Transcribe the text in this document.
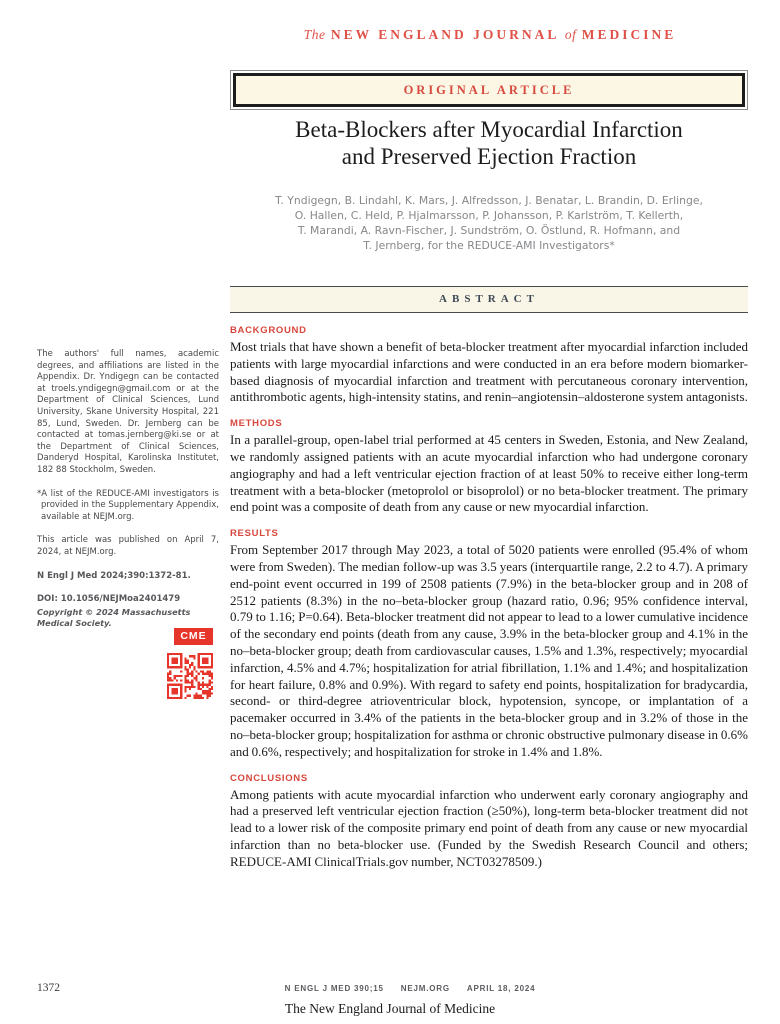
The NEW ENGLAND JOURNAL of MEDICINE
ORIGINAL ARTICLE
Beta-Blockers after Myocardial Infarction
and Preserved Ejection Fraction
T. Yndigegn, B. Lindahl, K. Mars, J. Alfredsson, J. Benatar, L. Brandin, D. Erlinge,
O. Hallen, C. Held, P. Hjalmarsson, P. Johansson, P. Karlström, T. Kellerth,
T. Marandi, A. Ravn-Fischer, J. Sundström, O. Östlund, R. Hofmann, and
T. Jernberg, for the REDUCE-AMI Investigators*
ABSTRACT
BACKGROUND

Most trials that have shown a benefit of beta-blocker treatment after myocardial infarction included patients with large myocardial infarctions and were conducted in an era before modern biomarker-based diagnosis of myocardial infarction and treatment with percutaneous coronary intervention, antithrombotic agents, high-intensity statins, and renin–angiotensin–aldosterone system antagonists.

METHODS

In a parallel-group, open-label trial performed at 45 centers in Sweden, Estonia, and New Zealand, we randomly assigned patients with an acute myocardial infarction who had undergone coronary angiography and had a left ventricular ejection fraction of at least 50% to receive either long-term treatment with a beta-blocker (metoprolol or bisoprolol) or no beta-blocker treatment. The primary end point was a composite of death from any cause or new myocardial infarction.

RESULTS

From September 2017 through May 2023, a total of 5020 patients were enrolled (95.4% of whom were from Sweden). The median follow-up was 3.5 years (interquartile range, 2.2 to 4.7). A primary end-point event occurred in 199 of 2508 patients (7.9%) in the beta-blocker group and in 208 of 2512 patients (8.3%) in the no–beta-blocker group (hazard ratio, 0.96; 95% confidence interval, 0.79 to 1.16; P=0.64). Beta-blocker treatment did not appear to lead to a lower cumulative incidence of the secondary end points (death from any cause, 3.9% in the beta-blocker group and 4.1% in the no–beta-blocker group; death from cardiovascular causes, 1.5% and 1.3%, respectively; myocardial infarction, 4.5% and 4.7%; hospitalization for atrial fibrillation, 1.1% and 1.4%; and hospitalization for heart failure, 0.8% and 0.9%). With regard to safety end points, hospitalization for bradycardia, second- or third-degree atrioventricular block, hypotension, syncope, or implantation of a pacemaker occurred in 3.4% of the patients in the beta-blocker group and in 3.2% of those in the no–beta-blocker group; hospitalization for asthma or chronic obstructive pulmonary disease in 0.6% and 0.6%, respectively; and hospitalization for stroke in 1.4% and 1.8%.

CONCLUSIONS

Among patients with acute myocardial infarction who underwent early coronary angiography and had a preserved left ventricular ejection fraction (≥50%), long-term beta-blocker treatment did not lead to a lower risk of the composite primary end point of death from any cause or new myocardial infarction than no beta-blocker use. (Funded by the Swedish Research Council and others; REDUCE-AMI ClinicalTrials.gov number, NCT03278509.)

The authors' full names, academic degrees, and affiliations are listed in the Appendix. Dr. Yndigegn can be contacted at troels.yndigegn@gmail.com or at the Department of Clinical Sciences, Lund University, Skane University Hospital, 221 85, Lund, Sweden. Dr. Jernberg can be contacted at tomas.jernberg@ki.se or at the Department of Clinical Sciences, Danderyd Hospital, Karolinska Institutet, 182 88 Stockholm, Sweden.

*A list of the REDUCE-AMI investigators is provided in the Supplementary Appendix, available at NEJM.org.

This article was published on April 7, 2024, at NEJM.org.

N Engl J Med 2024;390:1372-81.

DOI: 10.1056/NEJMoa2401479

Copyright © 2024 Massachusetts Medical Society.

CME
1372	N ENGL J MED 390;15 NEJM.ORG APRIL 18, 2024
The New England Journal of Medicine
